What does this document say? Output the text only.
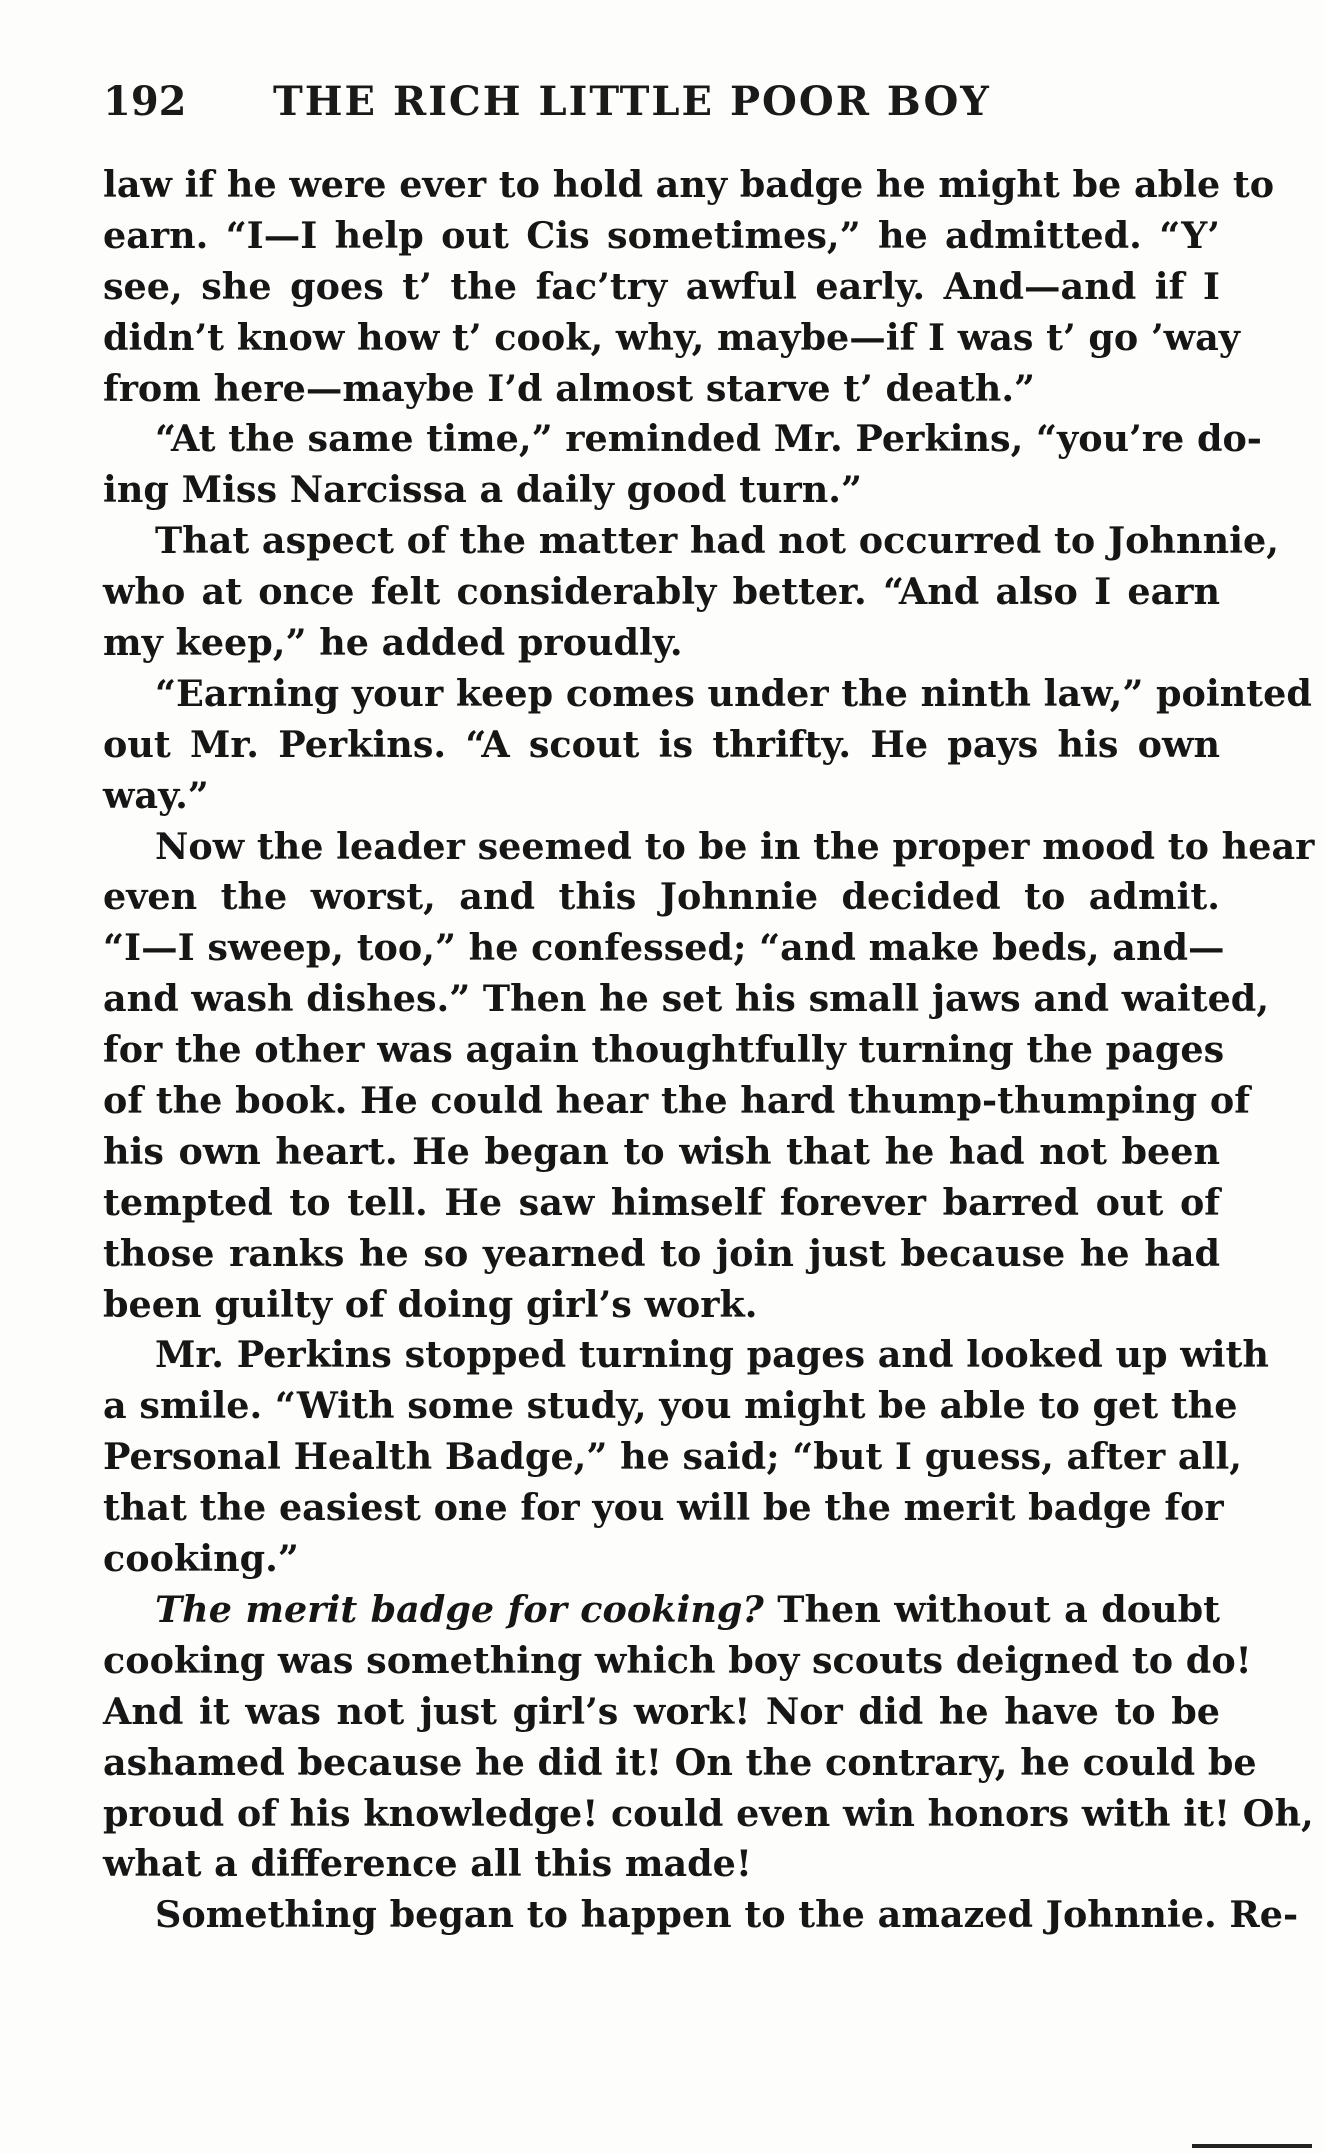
192 THE RICH LITTLE POOR BOY
law if he were ever to hold any badge he might be able to
earn. “I—I help out Cis sometimes,” he admitted. “Y’
see, she goes t’ the fac’try awful early. And—and if I
didn’t know how t’ cook, why, maybe—if I was t’ go ’way
from here—maybe I’d almost starve t’ death.”
“At the same time,” reminded Mr. Perkins, “you’re do-
ing Miss Narcissa a daily good turn.”
That aspect of the matter had not occurred to Johnnie,
who at once felt considerably better. “And also I earn
my keep,” he added proudly.
“Earning your keep comes under the ninth law,” pointed
out Mr. Perkins. “A scout is thrifty. He pays his own
way.”
Now the leader seemed to be in the proper mood to hear
even the worst, and this Johnnie decided to admit.
“I—I sweep, too,” he confessed; “and make beds, and—
and wash dishes.” Then he set his small jaws and waited,
for the other was again thoughtfully turning the pages
of the book. He could hear the hard thump-thumping of
his own heart. He began to wish that he had not been
tempted to tell. He saw himself forever barred out of
those ranks he so yearned to join just because he had
been guilty of doing girl’s work.
Mr. Perkins stopped turning pages and looked up with
a smile. “With some study, you might be able to get the
Personal Health Badge,” he said; “but I guess, after all,
that the easiest one for you will be the merit badge for
cooking.”
The merit badge for cooking? Then without a doubt
cooking was something which boy scouts deigned to do!
And it was not just girl’s work! Nor did he have to be
ashamed because he did it! On the contrary, he could be
proud of his knowledge! could even win honors with it! Oh,
what a difference all this made!
Something began to happen to the amazed Johnnie. Re-
